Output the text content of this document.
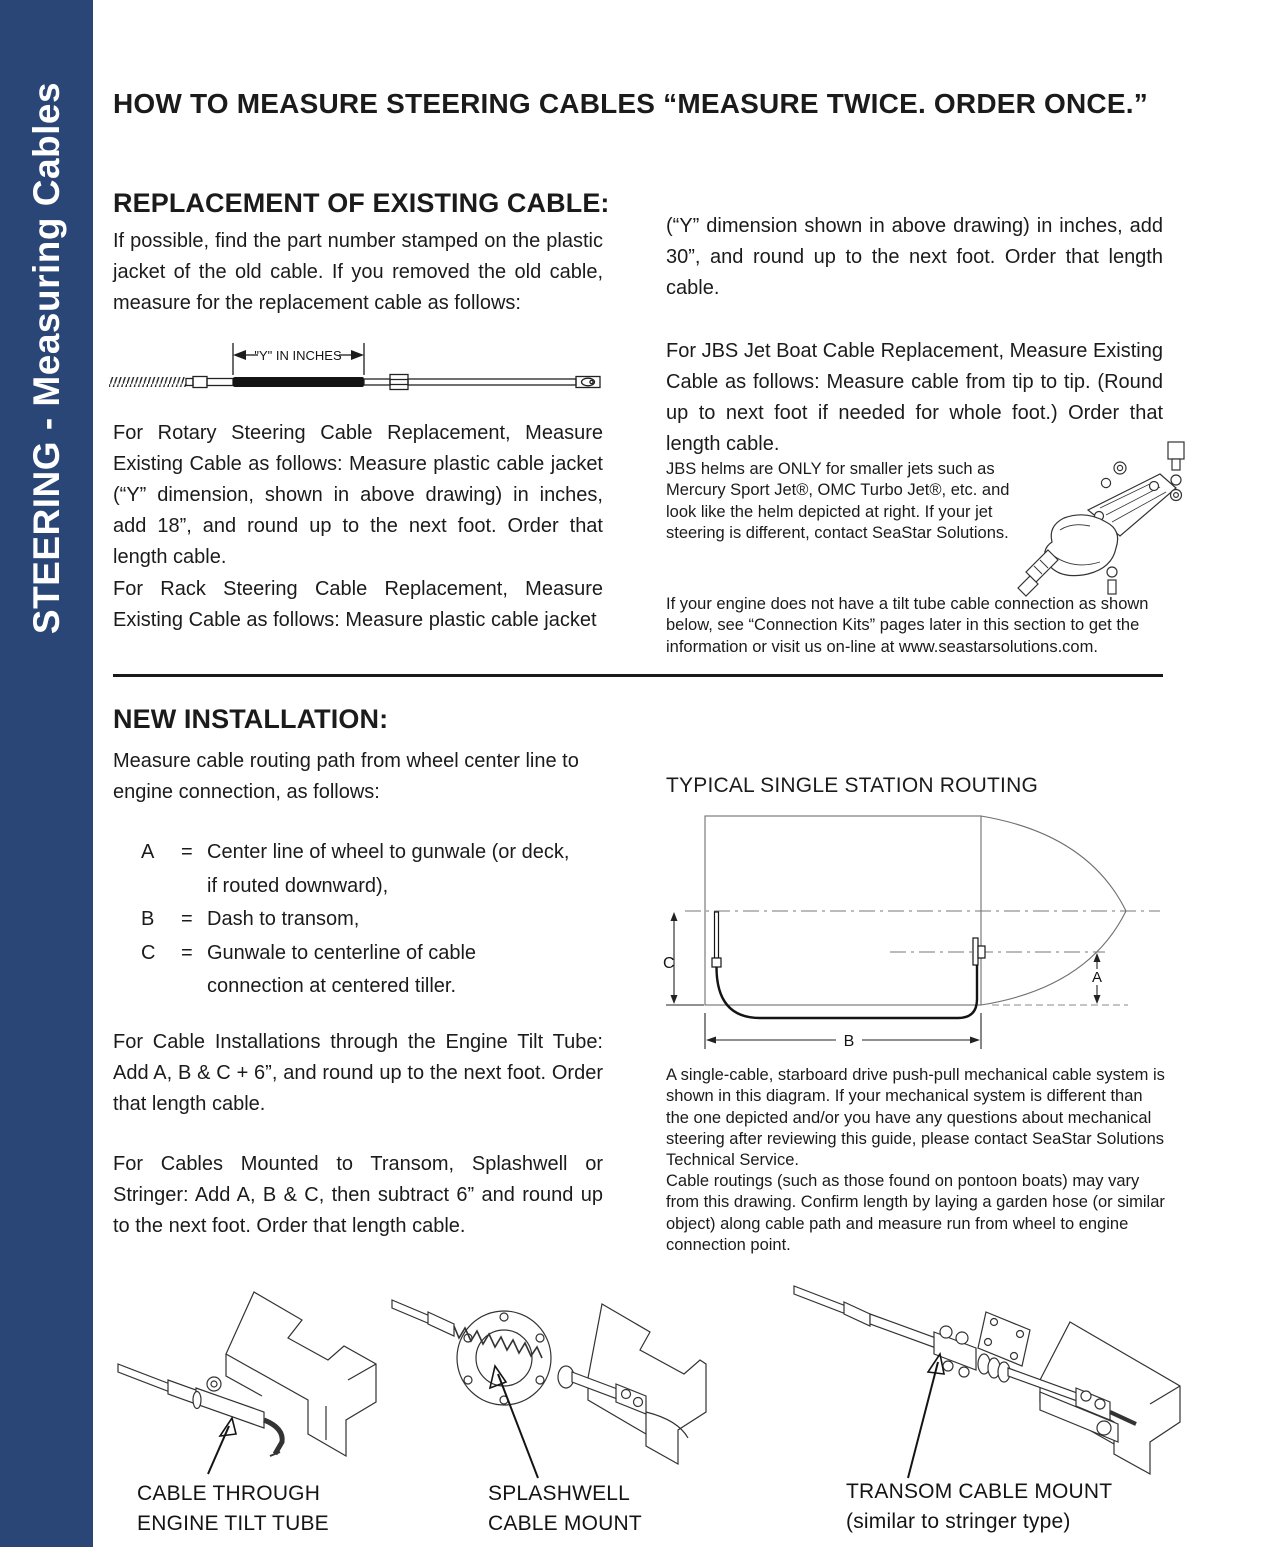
STEERING - Measuring Cables	HOW TO MEASURE STEERING CABLES “MEASURE TWICE. ORDER ONCE.”
REPLACEMENT OF EXISTING CABLE:
If possible, find the part number stamped on the plastic jacket of the old cable. If you removed the old cable, measure for the replacement cable as follows:
"Y" IN INCHES
For Rotary Steering Cable Replacement, Measure Existing Cable as follows: Measure plastic cable jacket (“Y” dimension, shown in above drawing) in inches, add 18”, and round up to the next foot. Order that length cable.
For Rack Steering Cable Replacement, Measure Existing Cable as follows: Measure plastic cable jacket
(“Y” dimension shown in above drawing) in inches, add 30”, and round up to the next foot. Order that length cable.
For JBS Jet Boat Cable Replacement, Measure Existing Cable as follows: Measure cable from tip to tip. (Round up to next foot if needed for whole foot.) Order that length cable.
JBS helms are ONLY for smaller jets such as Mercury Sport Jet®, OMC Turbo Jet®, etc. and look like the helm depicted at right. If your jet steering is different, contact SeaStar Solutions.
If your engine does not have a tilt tube cable connection as shown below, see “Connection Kits” pages later in this section to get the information or visit us on-line at www.seastarsolutions.com.
NEW INSTALLATION:
Measure cable routing path from wheel center line to engine connection, as follows:
A	= Center line of wheel to gunwale (or deck, if routed downward),
B	= Dash to transom,
C	= Gunwale to centerline of cable connection at centered tiller.
For Cable Installations through the Engine Tilt Tube: Add A, B & C + 6”, and round up to the next foot. Order that length cable.
For Cables Mounted to Transom, Splashwell or Stringer: Add A, B & C, then subtract 6” and round up to the next foot. Order that length cable.
TYPICAL SINGLE STATION ROUTING
C
B
A
A single-cable, starboard drive push-pull mechanical cable system is shown in this diagram. If your mechanical system is different than the one depicted and/or you have any questions about mechanical steering after reviewing this guide, please contact SeaStar Solutions Technical Service.
Cable routings (such as those found on pontoon boats) may vary from this drawing. Confirm length by laying a garden hose (or similar object) along cable path and measure run from wheel to engine connection point.
CABLE THROUGH
ENGINE TILT TUBE
SPLASHWELL
CABLE MOUNT
TRANSOM CABLE MOUNT
(similar to stringer type)
